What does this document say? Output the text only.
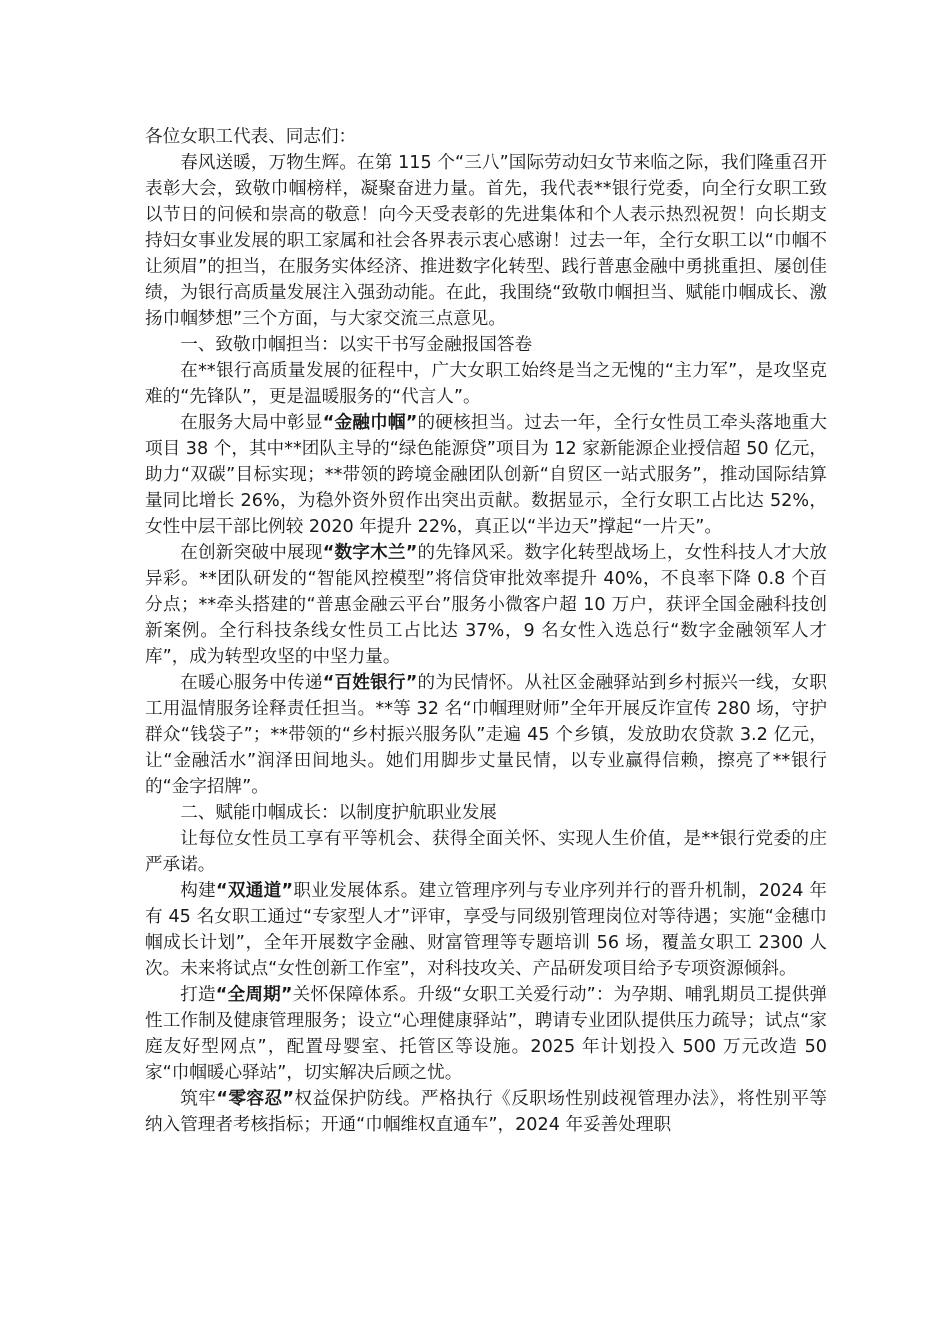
各位女职工代表、同志们：

春风送暖，万物生辉。在第 115 个“三八”国际劳动妇女节来临之际，我们隆重召开表彰大会，致敬巾帼榜样，凝聚奋进力量。首先，我代表**银行党委，向全行女职工致以节日的问候和崇高的敬意！向今天受表彰的先进集体和个人表示热烈祝贺！向长期支持妇女事业发展的职工家属和社会各界表示衷心感谢！过去一年，全行女职工以“巾帼不让须眉”的担当，在服务实体经济、推进数字化转型、践行普惠金融中勇挑重担、屡创佳绩，为银行高质量发展注入强劲动能。在此，我围绕“致敬巾帼担当、赋能巾帼成长、激扬巾帼梦想”三个方面，与大家交流三点意见。

一、致敬巾帼担当：以实干书写金融报国答卷

在**银行高质量发展的征程中，广大女职工始终是当之无愧的“主力军”，是攻坚克难的“先锋队”，更是温暖服务的“代言人”。

在服务大局中彰显“金融巾帼”的硬核担当。过去一年，全行女性员工牵头落地重大项目 38 个，其中**团队主导的“绿色能源贷”项目为 12 家新能源企业授信超 50 亿元，助力“双碳”目标实现；**带领的跨境金融团队创新“自贸区一站式服务”，推动国际结算量同比增长 26%，为稳外资外贸作出突出贡献。数据显示，全行女职工占比达 52%，女性中层干部比例较 2020 年提升 22%，真正以“半边天”撑起“一片天”。

在创新突破中展现“数字木兰”的先锋风采。数字化转型战场上，女性科技人才大放异彩。**团队研发的“智能风控模型”将信贷审批效率提升 40%，不良率下降 0.8 个百分点；**牵头搭建的“普惠金融云平台”服务小微客户超 10 万户，获评全国金融科技创新案例。全行科技条线女性员工占比达 37%，9 名女性入选总行“数字金融领军人才库”，成为转型攻坚的中坚力量。

在暖心服务中传递“百姓银行”的为民情怀。从社区金融驿站到乡村振兴一线，女职工用温情服务诠释责任担当。**等 32 名“巾帼理财师”全年开展反诈宣传 280 场，守护群众“钱袋子”；**带领的“乡村振兴服务队”走遍 45 个乡镇，发放助农贷款 3.2 亿元，让“金融活水”润泽田间地头。她们用脚步丈量民情，以专业赢得信赖，擦亮了**银行的“金字招牌”。

二、赋能巾帼成长：以制度护航职业发展

让每位女性员工享有平等机会、获得全面关怀、实现人生价值，是**银行党委的庄严承诺。

构建“双通道”职业发展体系。建立管理序列与专业序列并行的晋升机制，2024 年有 45 名女职工通过“专家型人才”评审，享受与同级别管理岗位对等待遇；实施“金穗巾帼成长计划”，全年开展数字金融、财富管理等专题培训 56 场，覆盖女职工 2300 人次。未来将试点“女性创新工作室”，对科技攻关、产品研发项目给予专项资源倾斜。

打造“全周期”关怀保障体系。升级“女职工关爱行动”：为孕期、哺乳期员工提供弹性工作制及健康管理服务；设立“心理健康驿站”，聘请专业团队提供压力疏导；试点“家庭友好型网点”，配置母婴室、托管区等设施。2025 年计划投入 500 万元改造 50 家“巾帼暖心驿站”，切实解决后顾之忧。

筑牢“零容忍”权益保护防线。严格执行《反职场性别歧视管理办法》，将性别平等纳入管理者考核指标；开通“巾帼维权直通车”，2024 年妥善处理职
